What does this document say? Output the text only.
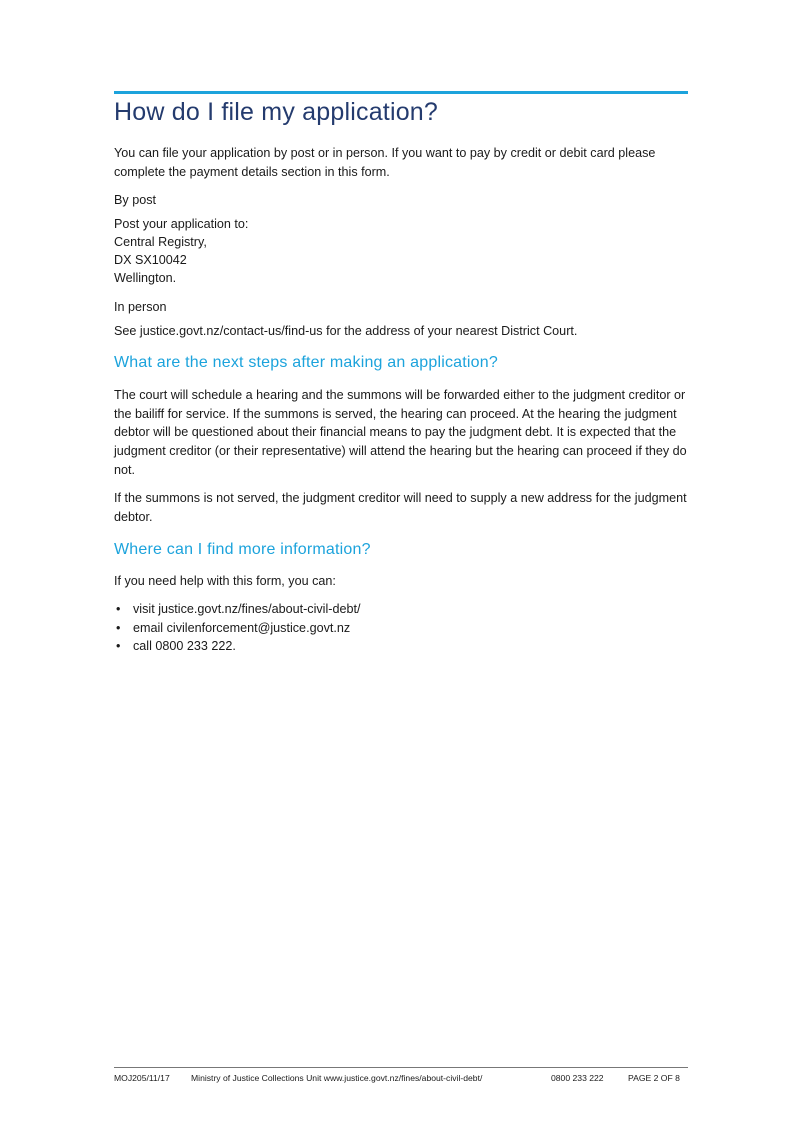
How do I file my application?

You can file your application by post or in person. If you want to pay by credit or debit card please complete the payment details section in this form.

By post

Post your application to:

Central Registry,

DX SX10042

Wellington.

In person

See justice.govt.nz/contact-us/find-us for the address of your nearest District Court.

What are the next steps after making an application?

The court will schedule a hearing and the summons will be forwarded either to the judgment creditor or the bailiff for service. If the summons is served, the hearing can proceed. At the hearing the judgment debtor will be questioned about their financial means to pay the judgment debt. It is expected that the judgment creditor (or their representative) will attend the hearing but the hearing can proceed if they do not.

If the summons is not served, the judgment creditor will need to supply a new address for the judgment debtor.

Where can I find more information?

If you need help with this form, you can:

• visit justice.govt.nz/fines/about-civil-debt/
• email civilenforcement@justice.govt.nz
• call 0800 233 222.
MOJ205/11/17 Ministry of Justice Collections Unit www.justice.govt.nz/fines/about-civil-debt/	0800 233 222	PAGE 2 OF 8
